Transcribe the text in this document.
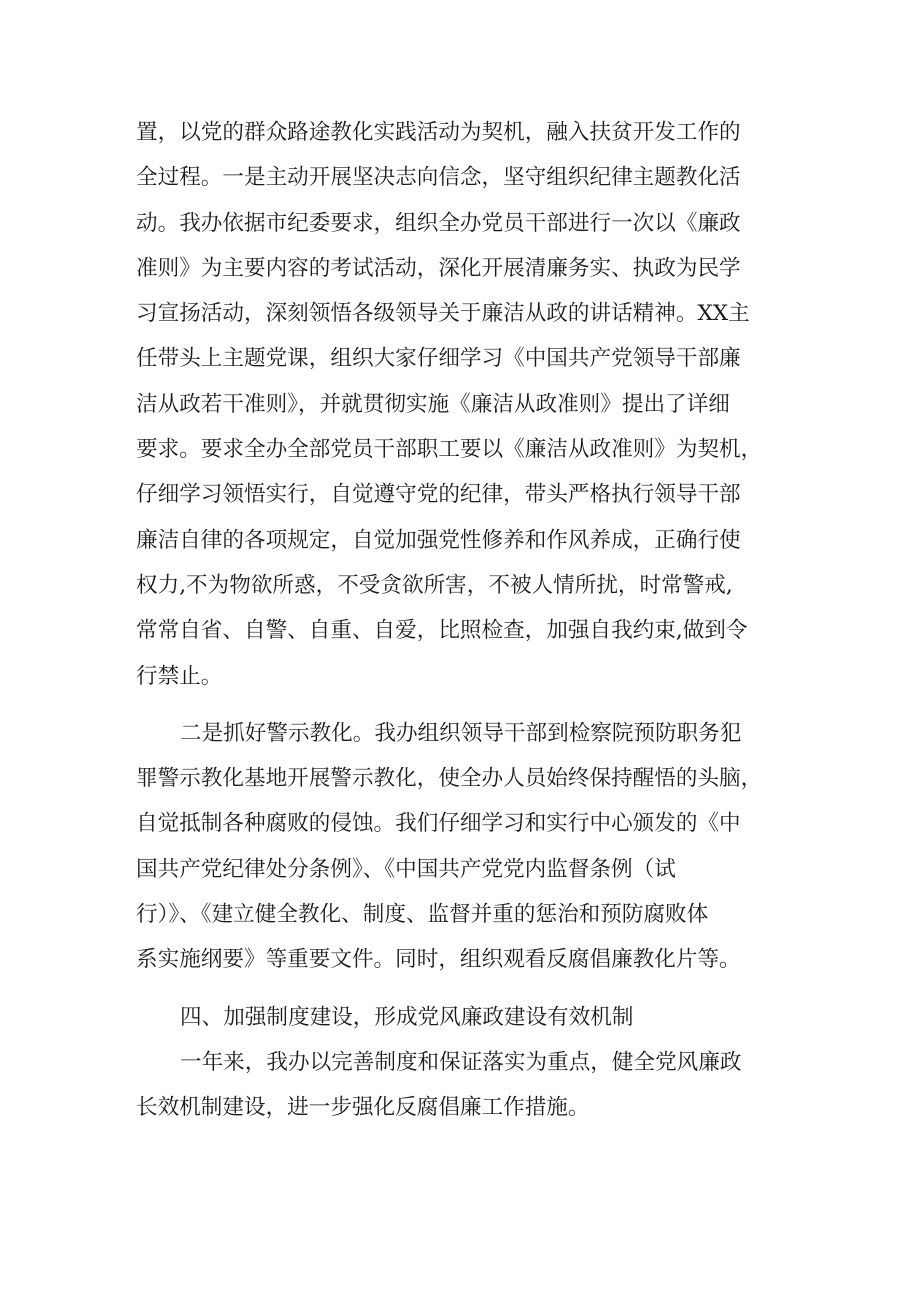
置，以党的群众路途教化实践活动为契机，融入扶贫开发工作的
全过程。一是主动开展坚决志向信念，坚守组织纪律主题教化活
动。我办依据市纪委要求，组织全办党员干部进行一次以《廉政
准则》为主要内容的考试活动，深化开展清廉务实、执政为民学
习宣扬活动，深刻领悟各级领导关于廉洁从政的讲话精神。XX主
任带头上主题党课，组织大家仔细学习《中国共产党领导干部廉
洁从政若干准则》，并就贯彻实施《廉洁从政准则》提出了详细
要求。要求全办全部党员干部职工要以《廉洁从政准则》为契机，
仔细学习领悟实行，自觉遵守党的纪律，带头严格执行领导干部
廉洁自律的各项规定，自觉加强党性修养和作风养成，正确行使
权力,不为物欲所惑，不受贪欲所害，不被人情所扰，时常警戒,
常常自省、自警、自重、自爱，比照检查，加强自我约束,做到令
行禁止。
二是抓好警示教化。我办组织领导干部到检察院预防职务犯
罪警示教化基地开展警示教化，使全办人员始终保持醒悟的头脑，
自觉抵制各种腐败的侵蚀。我们仔细学习和实行中心颁发的《中
国共产党纪律处分条例》、《中国共产党党内监督条例（试
行）》、《建立健全教化、制度、监督并重的惩治和预防腐败体
系实施纲要》等重要文件。同时，组织观看反腐倡廉教化片等。
四、加强制度建设，形成党风廉政建设有效机制
一年来，我办以完善制度和保证落实为重点，健全党风廉政
长效机制建设，进一步强化反腐倡廉工作措施。
